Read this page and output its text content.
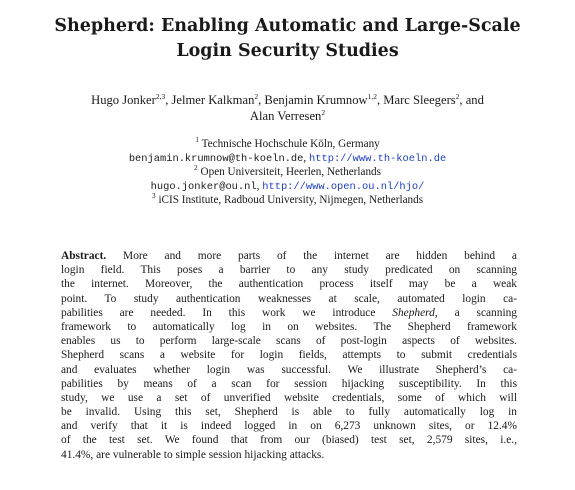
Shepherd: Enabling Automatic and Large-Scale
Login Security Studies
Hugo Jonker$^{2,3}$, Jelmer Kalkman$^2$, Benjamin Krumnow$^{1,2}$, Marc Sleegers$^2$, and
Alan Verresen$^2$
$^1$ Technische Hochschule Köln, Germany
benjamin.krumnow@th-koeln.de, http://www.th-koeln.de
$^2$ Open Universiteit, Heerlen, Netherlands
hugo.jonker@ou.nl, http://www.open.ou.nl/hjo/
$^3$ iCIS Institute, Radboud University, Nijmegen, Netherlands
Abstract. More and more parts of the internet are hidden behind a
login field. This poses a barrier to any study predicated on scanning
the internet. Moreover, the authentication process itself may be a weak
point. To study authentication weaknesses at scale, automated login ca-
pabilities are needed. In this work we introduce Shepherd, a scanning
framework to automatically log in on websites. The Shepherd framework
enables us to perform large-scale scans of post-login aspects of websites.
Shepherd scans a website for login fields, attempts to submit credentials
and evaluates whether login was successful. We illustrate Shepherd’s ca-
pabilities by means of a scan for session hijacking susceptibility. In this
study, we use a set of unverified website credentials, some of which will
be invalid. Using this set, Shepherd is able to fully automatically log in
and verify that it is indeed logged in on 6,273 unknown sites, or 12.4%
of the test set. We found that from our (biased) test set, 2,579 sites, i.e.,
41.4%, are vulnerable to simple session hijacking attacks.
